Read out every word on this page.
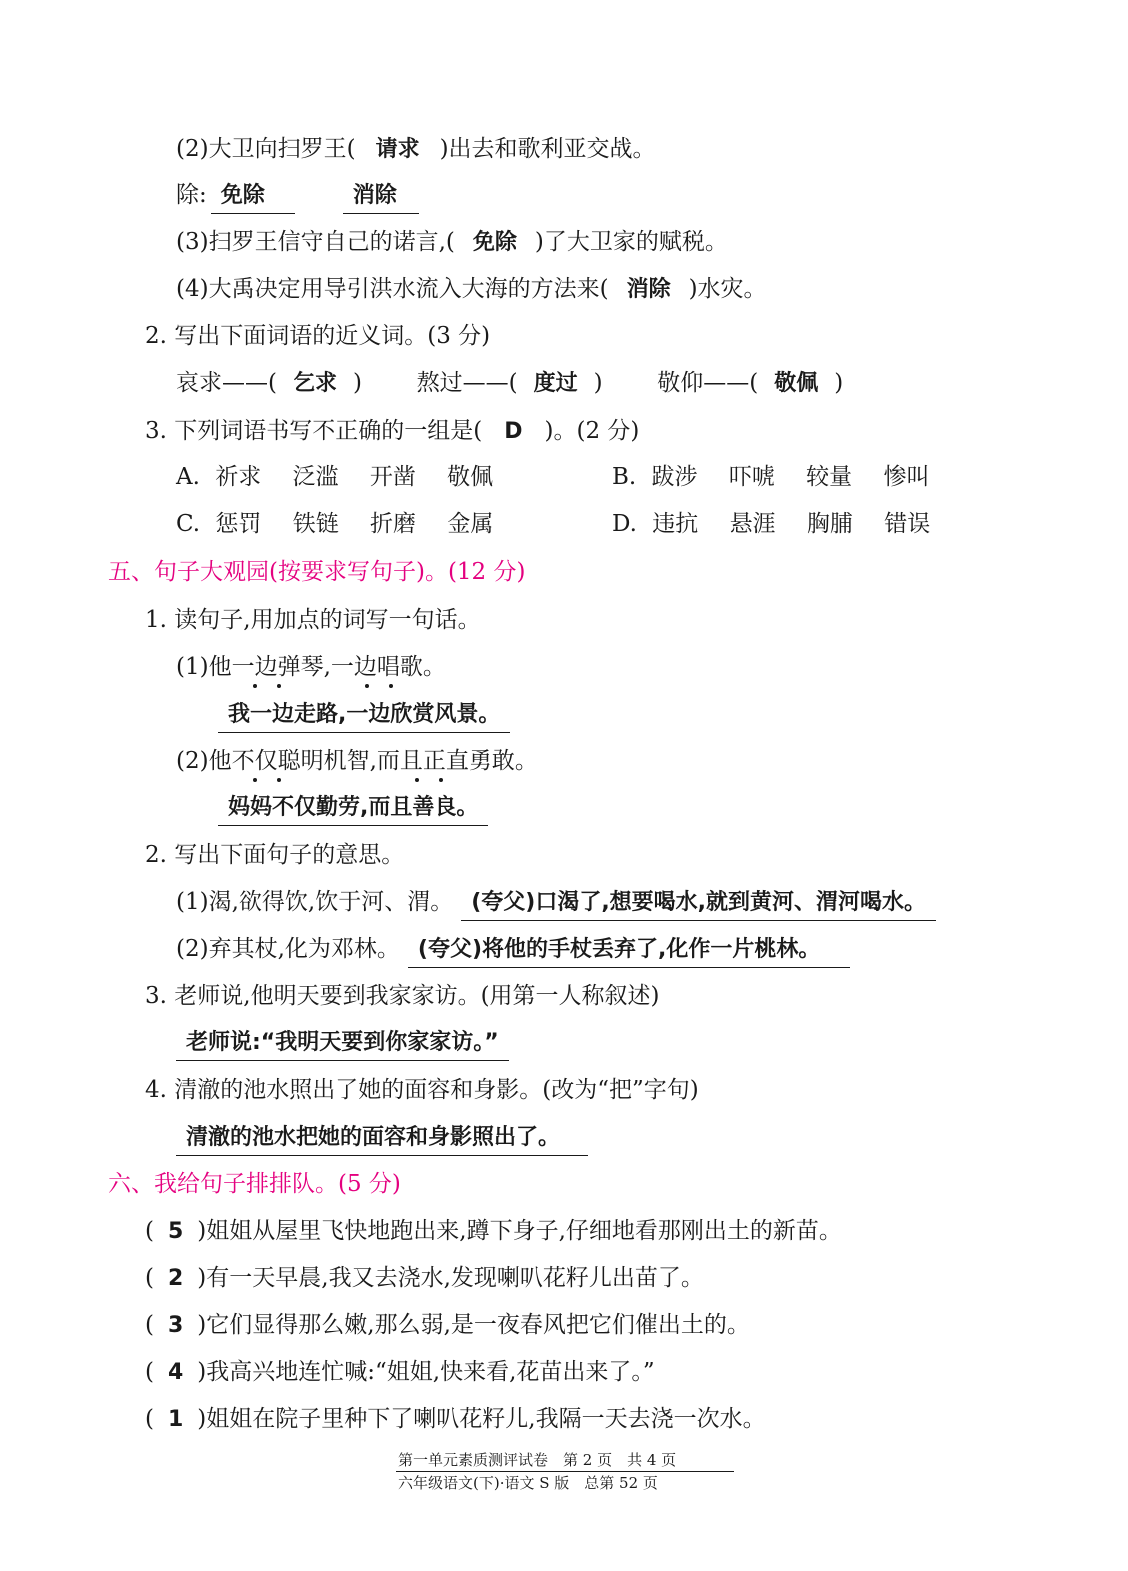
(2)大卫向扫罗王( 请求 )出去和歌利亚交战。
除: 免除	消除
(3)扫罗王信守自己的诺言,( 免除 )了大卫家的赋税。
(4)大禹决定用导引洪水流入大海的方法来( 消除 )水灾。
2. 写出下面词语的近义词。(3 分)
哀求——( 乞求 ) 熬过——( 度过 ) 敬仰——( 敬佩 )
3. 下列词语书写不正确的一组是( D )。(2 分)
A. 祈求 泛滥 开凿 敬佩	B. 跋涉 吓唬 较量 惨叫
C. 惩罚 铁链 折磨 金属	D. 违抗 悬涯 胸脯 错误
五、句子大观园(按要求写句子)。(12 分)
1. 读句子,用加点的词写一句话。
(1)他一边弹琴,一边唱歌。
我一边走路,一边欣赏风景。
(2)他不仅聪明机智,而且正直勇敢。
妈妈不仅勤劳,而且善良。
2. 写出下面句子的意思。
(1)渴,欲得饮,饮于河、渭。 (夸父)口渴了,想要喝水,就到黄河、渭河喝水。
(2)弃其杖,化为邓林。 (夸父)将他的手杖丢弃了,化作一片桃林。
3. 老师说,他明天要到我家家访。(用第一人称叙述)
老师说:“我明天要到你家家访。”
4. 清澈的池水照出了她的面容和身影。(改为“把”字句)
清澈的池水把她的面容和身影照出了。
六、我给句子排排队。(5 分)
( 5 )姐姐从屋里飞快地跑出来,蹲下身子,仔细地看那刚出土的新苗。
( 2 )有一天早晨,我又去浇水,发现喇叭花籽儿出苗了。
( 3 )它们显得那么嫩,那么弱,是一夜春风把它们催出土的。
( 4 )我高兴地连忙喊:“姐姐,快来看,花苗出来了。”
( 1 )姐姐在院子里种下了喇叭花籽儿,我隔一天去浇一次水。
第一单元素质测评试卷　第 2 页　共 4 页
六年级语文(下)·语文 S 版　总第 52 页
